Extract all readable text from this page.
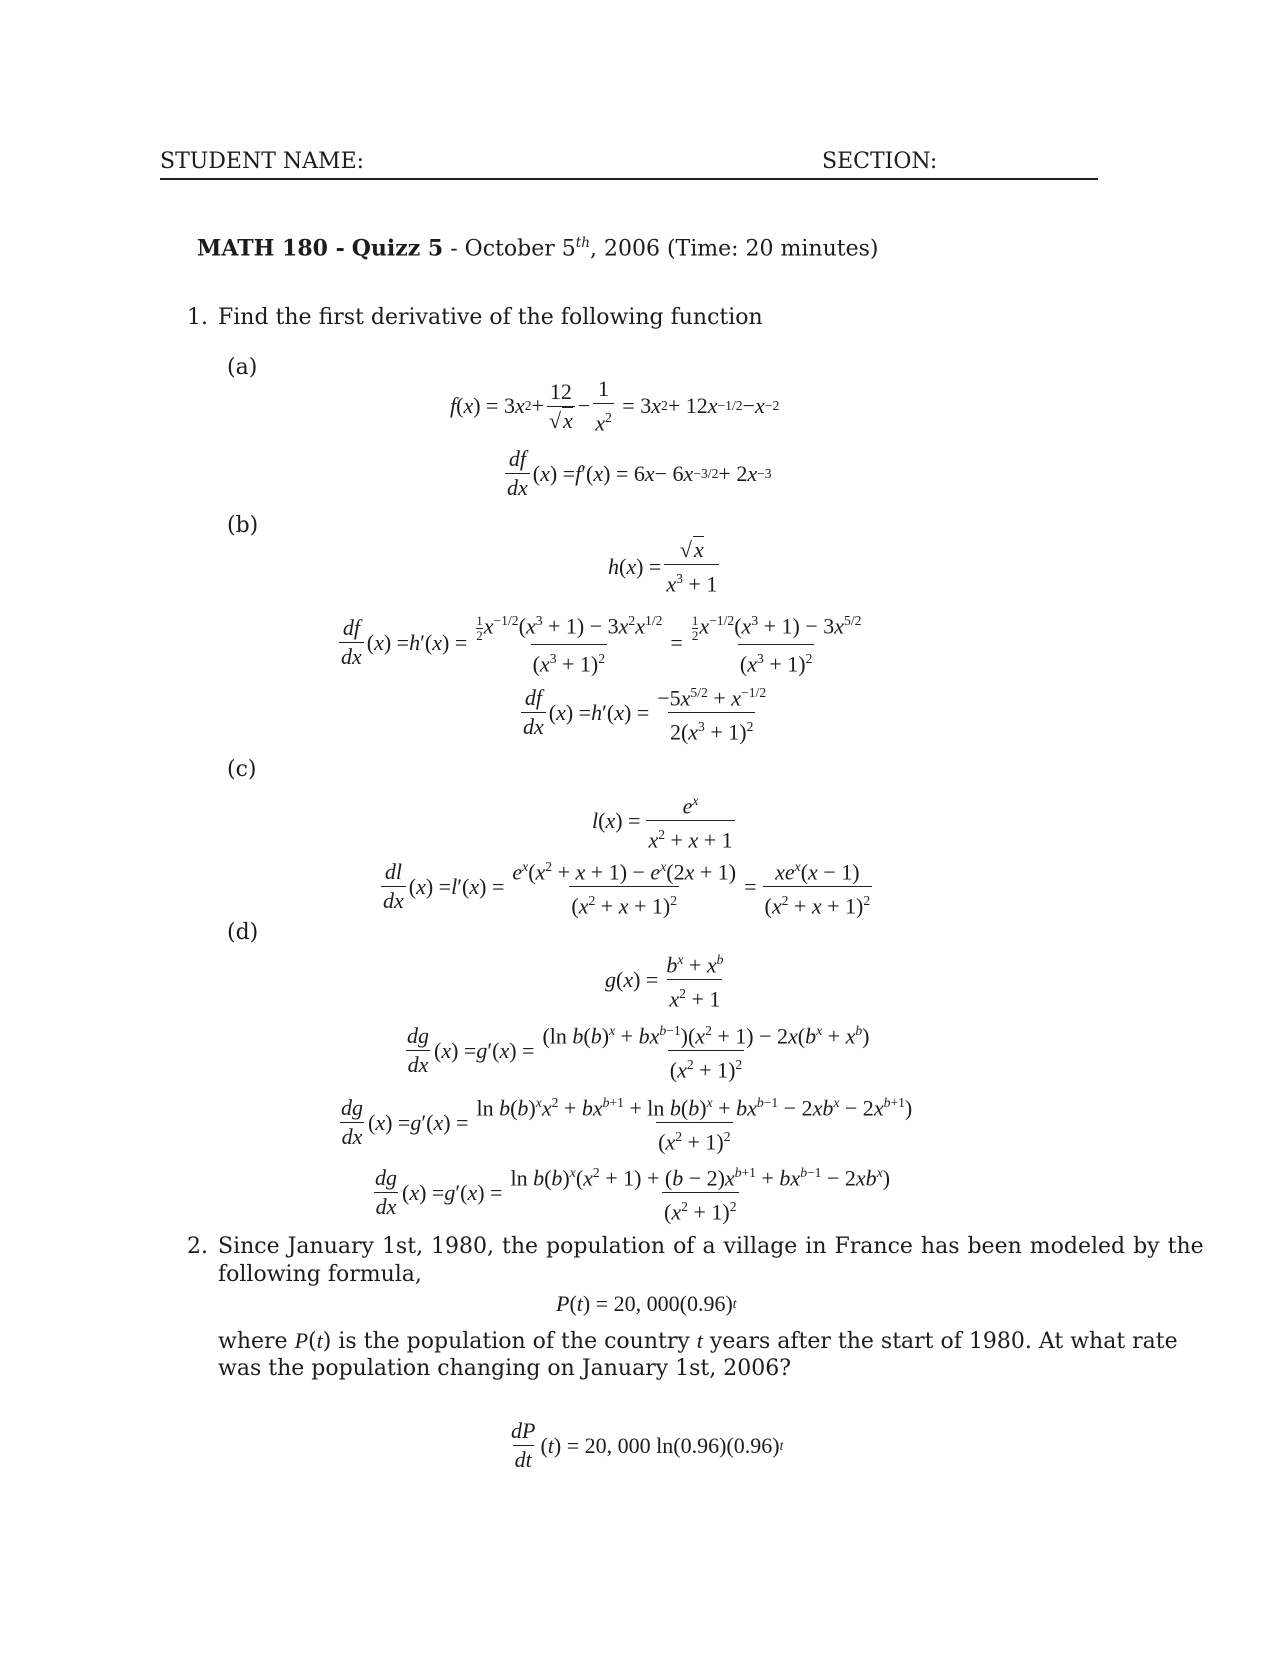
STUDENT NAME:	SECTION:
MATH 180 - Quizz 5 - October 5th, 2006 (Time: 20 minutes)
1. Find the first derivative of the following function
(a)
(b)
(c)
(d)
f ( x ) = 3 x $2 + \frac{12}{√x} - \frac{1}{x^2} = 3$ x 2 + 12 x −1/2 − x −2
$\frac{df}{dx}$ ( x ) = f ′( x ) = 6 x − 6 x −3/2 + 2 x −3
h ( x ) = $\frac{√x}{x^3 + 1}$
$\frac{df}{dx}$ ( x ) = h ′( x ) = $\frac{\frac{1}{2} x^{-1/2}(x^3 + 1) - 3x^2x^{1/2}}{(x^3 + 1)^2} = \frac{\frac{1}{2} x^{-1/2}(x^3 + 1) - 3x^{5/2}}{(x^3 + 1)^2}$
$\frac{df}{dx}$ ( x ) = h ′( x ) = $\frac{-5x^{5/2} + x^{-1/2}}{2(x^3 + 1)^2}$
l ( x ) = $\frac{e^x}{x^2 + x + 1}$
$\frac{dl}{dx}$ ( x ) = l ′( x ) = $\frac{e^x(x^2 + x + 1) - e^x(2x + 1)}{(x^2 + x + 1)^2} = \frac{xe^x(x - 1)}{(x^2 + x + 1)^2}$
g ( x ) = $\frac{b^x + x^b}{x^2 + 1}$
$\frac{dg}{dx}$ ( x ) = g ′( x ) = $\frac{(\ln b(b)^x + bx^{b-1})(x^2 + 1) - 2x(b^x + x^b)}{(x^2 + 1)^2}$
$\frac{dg}{dx}$ ( x ) = g ′( x ) = $\frac{\ln b(b)^xx^2 + bx^{b+1} + \ln b(b)^x + bx^{b-1} - 2xb^x - 2x^{b+1})}{(x^2 + 1)^2}$
$\frac{dg}{dx}$ ( x ) = g ′( x ) = $\frac{\ln b(b)^x(x^2 + 1) + (b - 2)x^{b+1} + bx^{b-1} - 2xb^x)}{(x^2 + 1)^2}$
2. Since January 1st, 1980, the population of a village in France has been modeled by the
following formula,
P ( t ) = 20, 000(0.96) t
where P(t) is the population of the country t years after the start of 1980. At what rate
was the population changing on January 1st, 2006?
$\frac{dP}{dt}$ ( t ) = 20, 000 ln(0.96)(0.96) t
